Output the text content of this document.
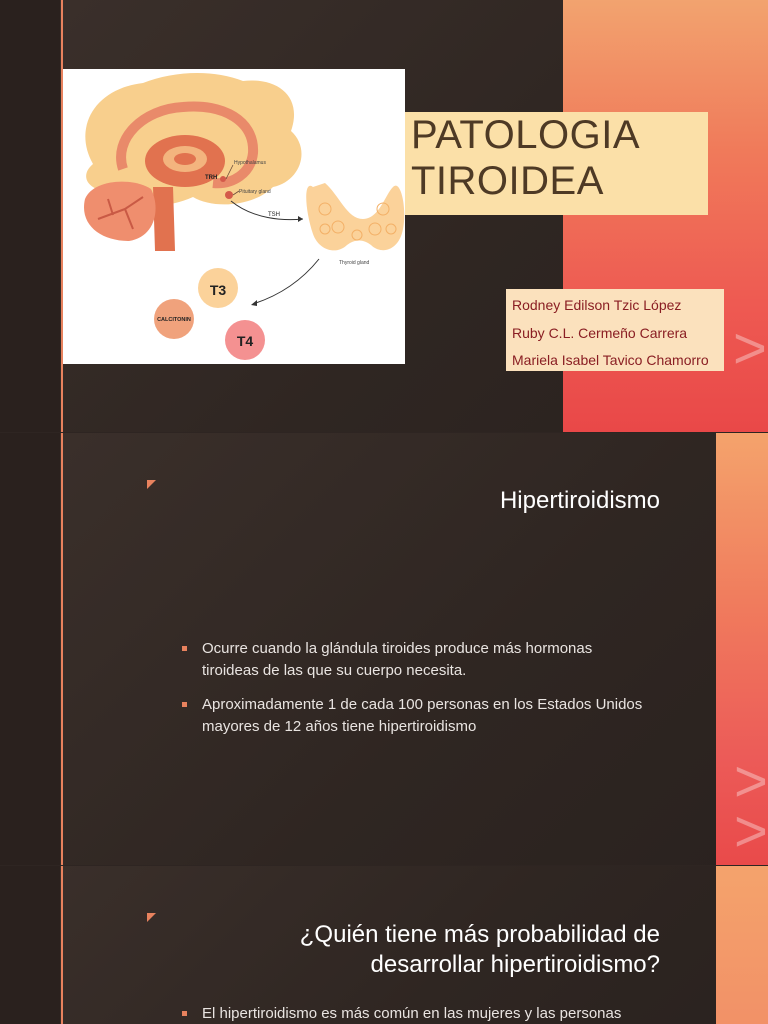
>
Hypothalamus
TRH
Pituitary gland
TSH
Thyroid gland
T3
CALCITONIN
T4
PATOLOGIA
TIROIDEA
Rodney Edilson Tzic López
Ruby C.L. Cermeño Carrera
Mariela Isabel Tavico Chamorro
>
>
Hipertiroidismo
Ocurre cuando la glándula tiroides produce más hormonas tiroideas de las que su cuerpo necesita.
Aproximadamente 1 de cada 100 personas en los Estados Unidos mayores de 12 años tiene hipertiroidismo
¿Quién tiene más probabilidad de
desarrollar hipertiroidismo?
El hipertiroidismo es más común en las mujeres y las personas
